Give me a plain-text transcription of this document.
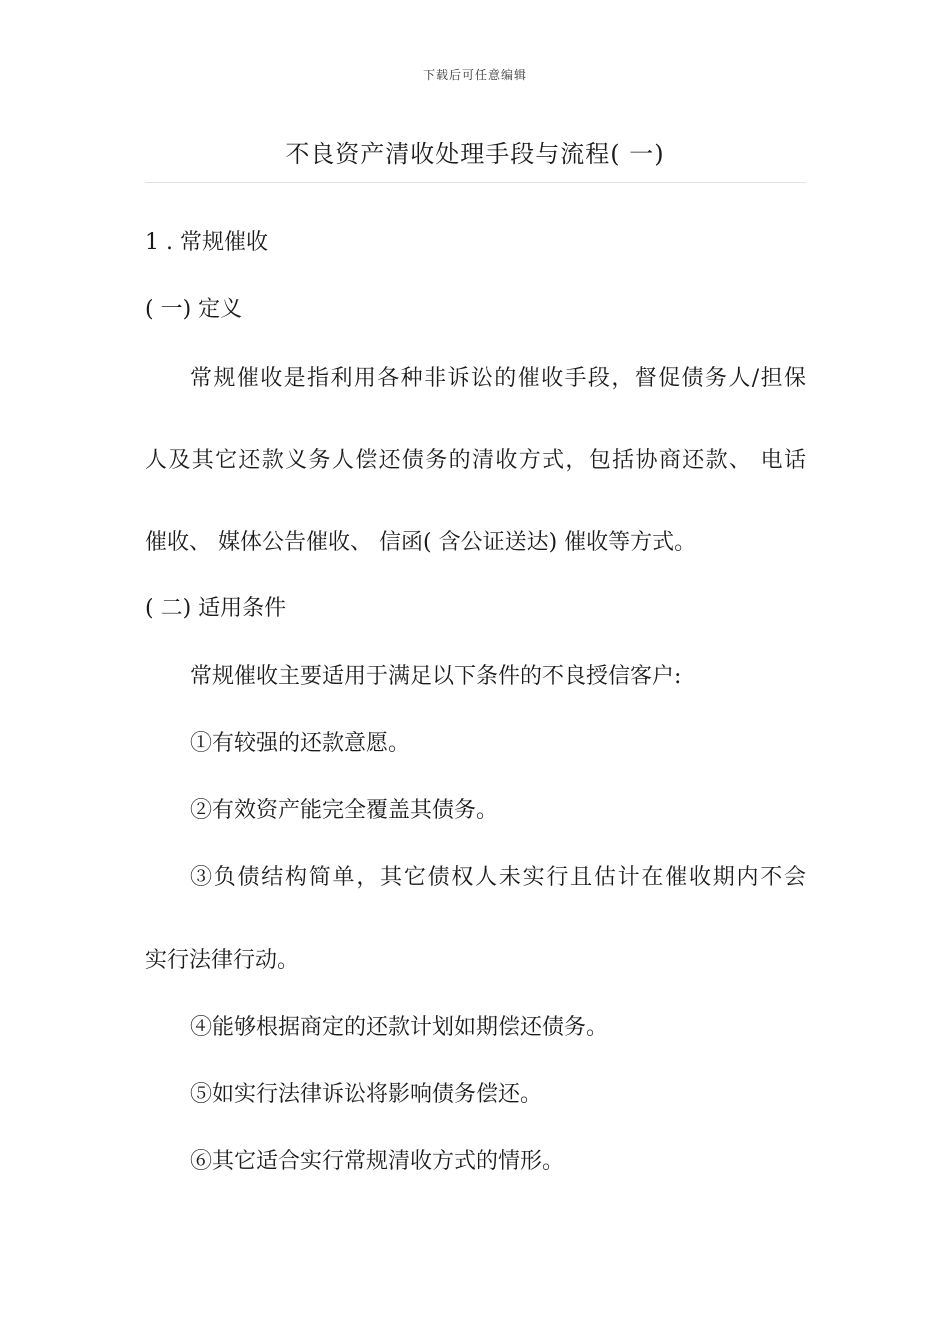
下载后可任意编辑
不良资产清收处理手段与流程( 一)
1 . 常规催收
( 一) 定义
常规催收是指利用各种非诉讼的催收手段，督促债务人/担保
人及其它还款义务人偿还债务的清收方式，包括协商还款、 电话
催收、 媒体公告催收、 信函( 含公证送达) 催收等方式。
( 二) 适用条件
常规催收主要适用于满足以下条件的不良授信客户:
①有较强的还款意愿。
②有效资产能完全覆盖其债务。
③负债结构简单，其它债权人未实行且估计在催收期内不会
实行法律行动。
④能够根据商定的还款计划如期偿还债务。
⑤如实行法律诉讼将影响债务偿还。
⑥其它适合实行常规清收方式的情形。
